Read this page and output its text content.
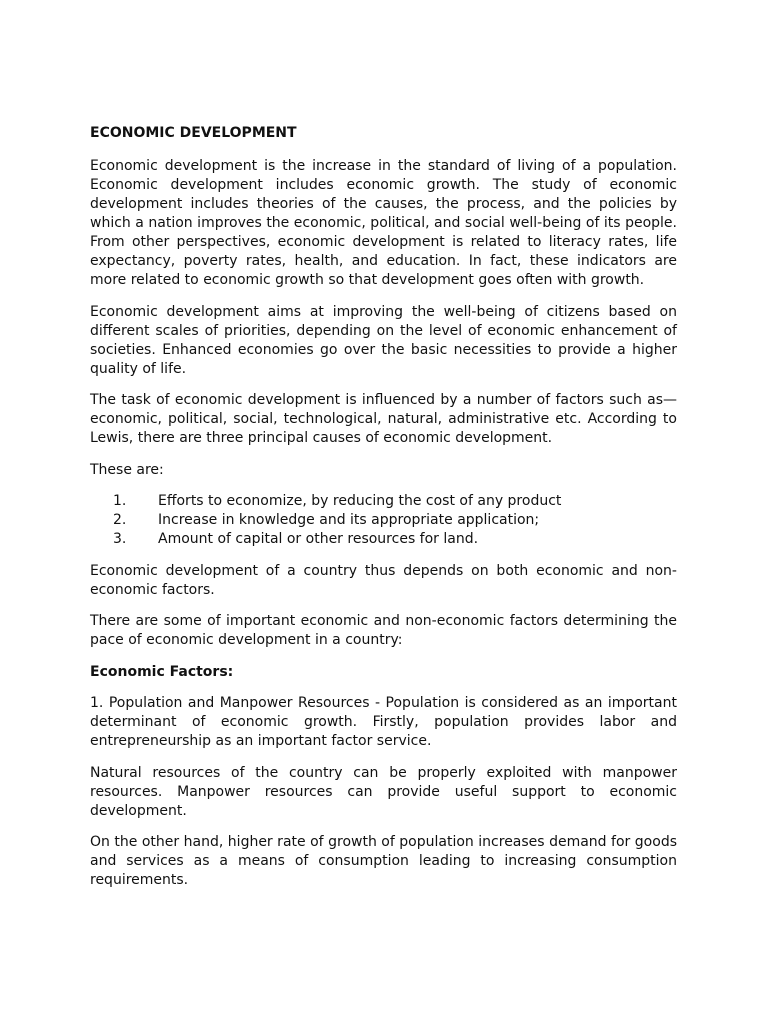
ECONOMIC DEVELOPMENT

Economic development is the increase in the standard of living of a population. Economic development includes economic growth. The study of economic development includes theories of the causes, the process, and the policies by which a nation improves the economic, political, and social well-being of its people. From other perspectives, economic development is related to literacy rates, life expectancy, poverty rates, health, and education. In fact, these indicators are more related to economic growth so that development goes often with growth.

Economic development aims at improving the well-being of citizens based on different scales of priorities, depending on the level of economic enhancement of societies. Enhanced economies go over the basic necessities to provide a higher quality of life.

The task of economic development is influenced by a number of factors such as—economic, political, social, technological, natural, administrative etc. According to Lewis, there are three principal causes of economic development.

These are:

1. Efforts to economize, by reducing the cost of any product
2. Increase in knowledge and its appropriate application;
3. Amount of capital or other resources for land.

Economic development of a country thus depends on both economic and non-economic factors.

There are some of important economic and non-economic factors determining the pace of economic development in a country:

Economic Factors:

1. Population and Manpower Resources - Population is considered as an important determinant of economic growth. Firstly, population provides labor and entrepreneurship as an important factor service.

Natural resources of the country can be properly exploited with manpower resources. Manpower resources can provide useful support to economic development.

On the other hand, higher rate of growth of population increases demand for goods and services as a means of consumption leading to increasing consumption requirements.
